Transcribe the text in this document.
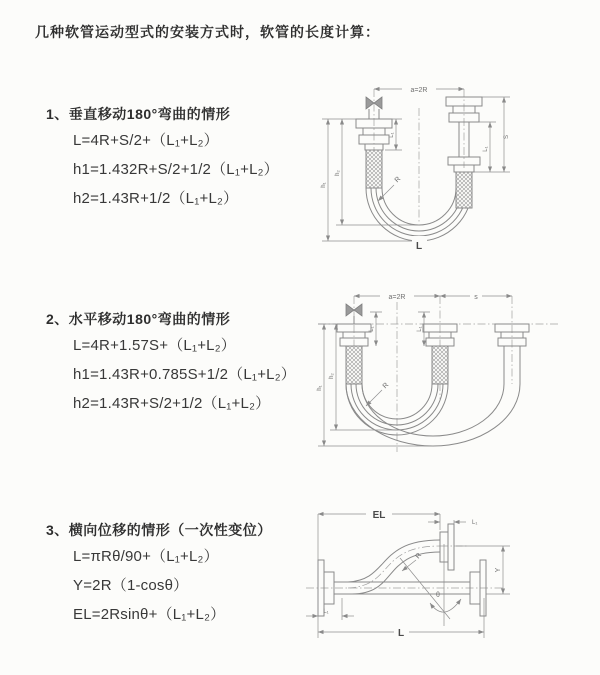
几种软管运动型式的安装方式时，软管的长度计算：
1、垂直移动180°弯曲的情形
L=4R+S/2+（L₁+L₂）
h1=1.432R+S/2+1/2（L₁+L₂）
h2=1.43R+1/2（L₁+L₂）
2、水平移动180°弯曲的情形
L=4R+1.57S+（L₁+L₂）
h1=1.43R+0.785S+1/2（L₁+L₂）
h2=1.43R+S/2+1/2（L₁+L₂）
3、横向位移的情形（一次性变位）
L=πRθ/90+（L₁+L₂）
Y=2R（1-cosθ）
EL=2Rsinθ+（L₁+L₂）
h₁
h₂
L₁	S
L₁
a=2R
R
L
h₁
h₂
L₁	L₁
a=2R	s
R
θ
R
EL
L₁
Y
L₁
L
